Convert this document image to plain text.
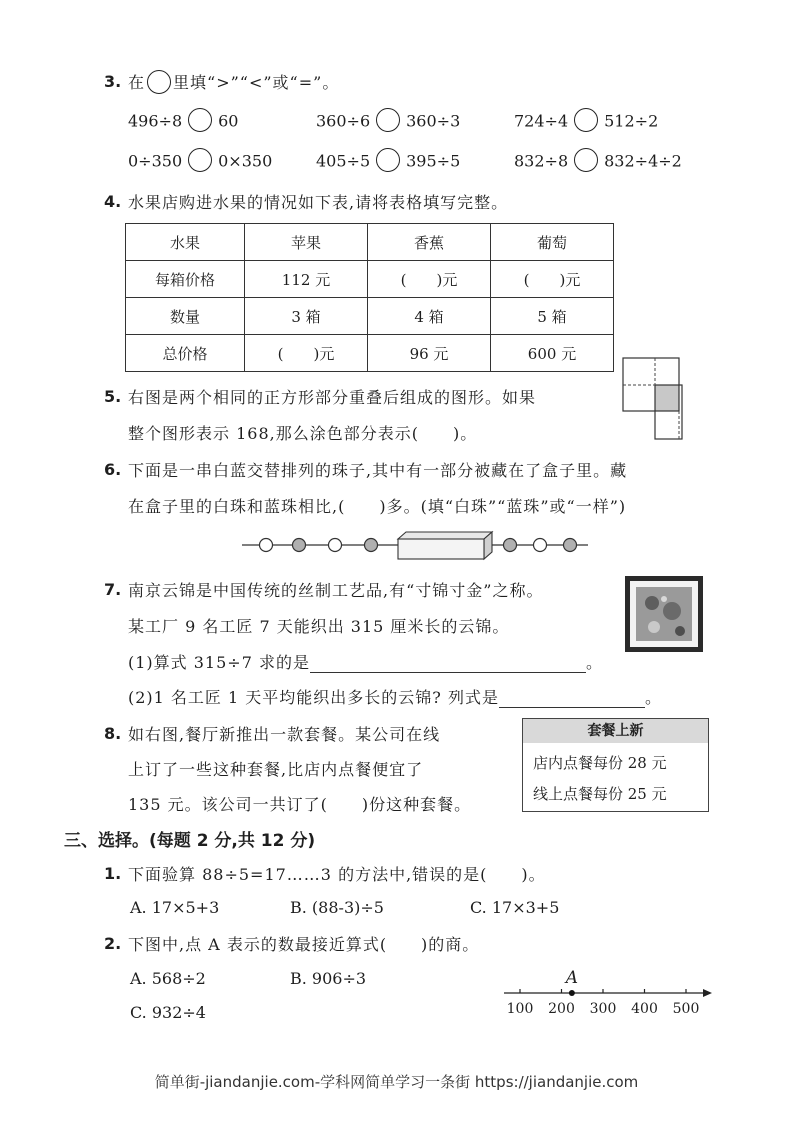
3. 在 里填“>”“<”或“=”。
496÷8 60	360÷6 360÷3	724÷4 512÷2
0÷350 0×350	405÷5 395÷5	832÷8 832÷4÷2
4. 水果店购进水果的情况如下表,请将表格填写完整。
水果	苹果	香蕉	葡萄
每箱价格	112 元	(　　)元	(　　)元
数量	3 箱	4 箱	5 箱
总价格	(　　)元	96 元	600 元
5. 右图是两个相同的正方形部分重叠后组成的图形。如果
整个图形表示 168,那么涂色部分表示(　　)。
6. 下面是一串白蓝交替排列的珠子,其中有一部分被藏在了盒子里。藏
在盒子里的白珠和蓝珠相比,(　　)多。(填“白珠”“蓝珠”或“一样”)
7. 南京云锦是中国传统的丝制工艺品,有“寸锦寸金”之称。
某工厂 9 名工匠 7 天能织出 315 厘米长的云锦。
(1)算式 315÷7 求的是	。
(2)1 名工匠 1 天平均能织出多长的云锦? 列式是	。
8. 如右图,餐厅新推出一款套餐。某公司在线
上订了一些这种套餐,比店内点餐便宜了
135 元。该公司一共订了(　　)份这种套餐。
套餐上新
店内点餐每份 28 元
线上点餐每份 25 元
三、选择。(每题 2 分,共 12 分)
1. 下面验算 88÷5=17……3 的方法中,错误的是(　　)。
A. 17×5+3	B. (88-3)÷5	C. 17×3+5
2. 下图中,点 A 表示的数最接近算式(　　)的商。
A. 568÷2	B. 906÷3
C. 932÷4	100 200 300 400 500
A
简单街-jiandanjie.com-学科网简单学习一条街 https://jiandanjie.com
